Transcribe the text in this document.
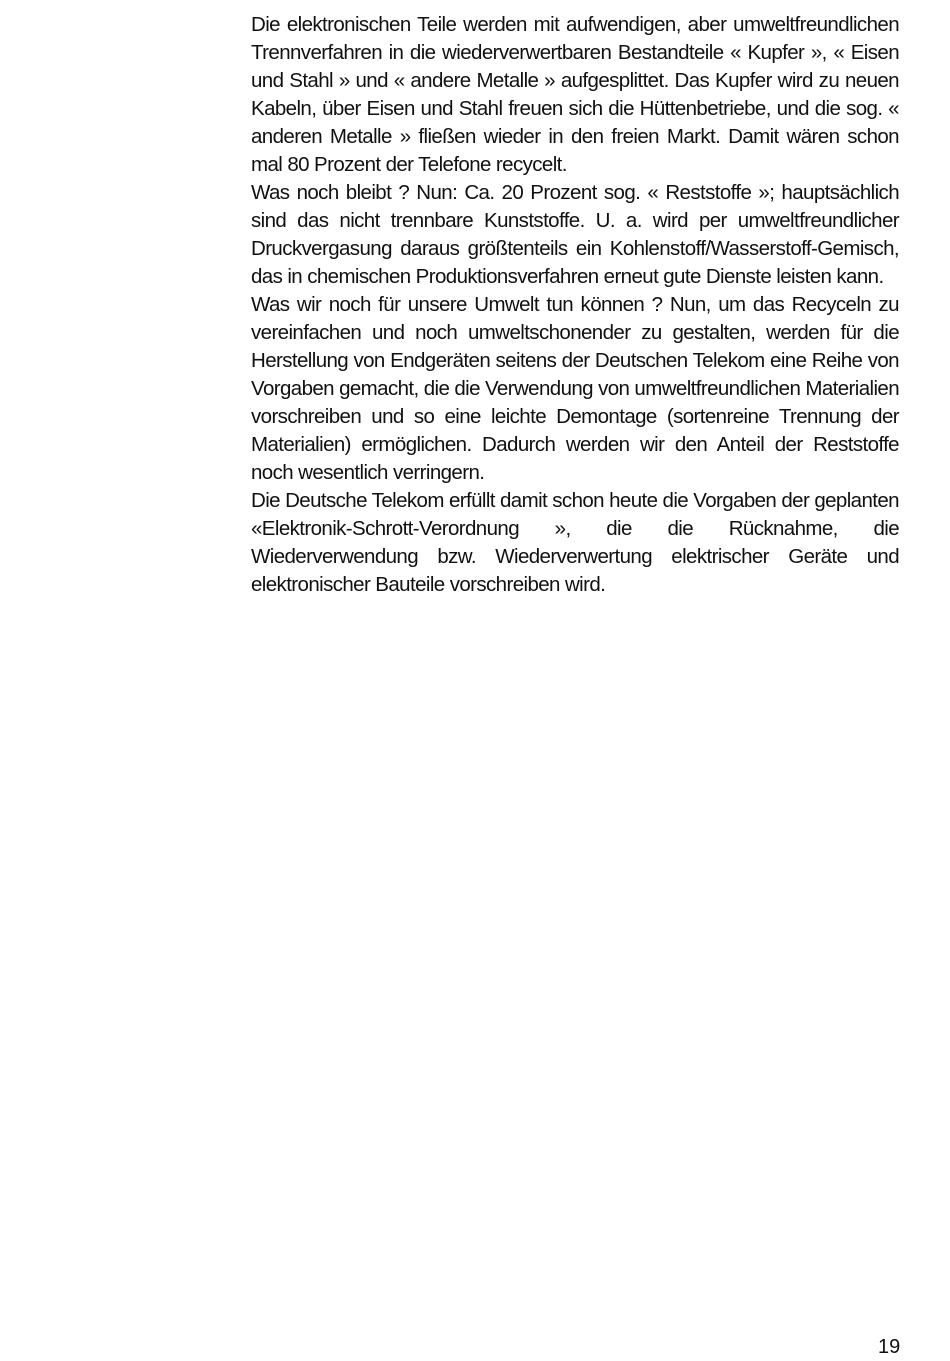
Die elektronischen Teile werden mit aufwendigen, aber umweltfreundlichen Trennverfahren in die wiederverwertbaren Bestandteile « Kupfer », « Eisen und Stahl » und « andere Metalle » aufgesplittet. Das Kupfer wird zu neuen Kabeln, über Eisen und Stahl freuen sich die Hüttenbetriebe, und die sog. « anderen Metalle » fließen wieder in den freien Markt. Damit wären schon mal 80 Prozent der Telefone recycelt.

Was noch bleibt ? Nun: Ca. 20 Prozent sog. « Reststoffe »; hauptsächlich sind das nicht trennbare Kunststoffe. U. a. wird per umweltfreundlicher Druckvergasung daraus größtenteils ein Kohlenstoff/Wasserstoff-Gemisch, das in chemischen Produktionsverfahren erneut gute Dienste leisten kann.

Was wir noch für unsere Umwelt tun können ? Nun, um das Recyceln zu vereinfachen und noch umweltschonender zu gestalten, werden für die Herstellung von Endgeräten seitens der Deutschen Telekom eine Reihe von Vorgaben gemacht, die die Verwendung von umweltfreundlichen Materialien vorschreiben und so eine leichte Demontage (sortenreine Trennung der Materialien) ermöglichen. Dadurch werden wir den Anteil der Reststoffe noch wesentlich verringern.

Die Deutsche Telekom erfüllt damit schon heute die Vorgaben der geplanten «Elektronik-Schrott-Verordnung », die die Rücknahme, die Wiederverwendung bzw. Wiederverwertung elektrischer Geräte und elektronischer Bauteile vorschreiben wird.

19
